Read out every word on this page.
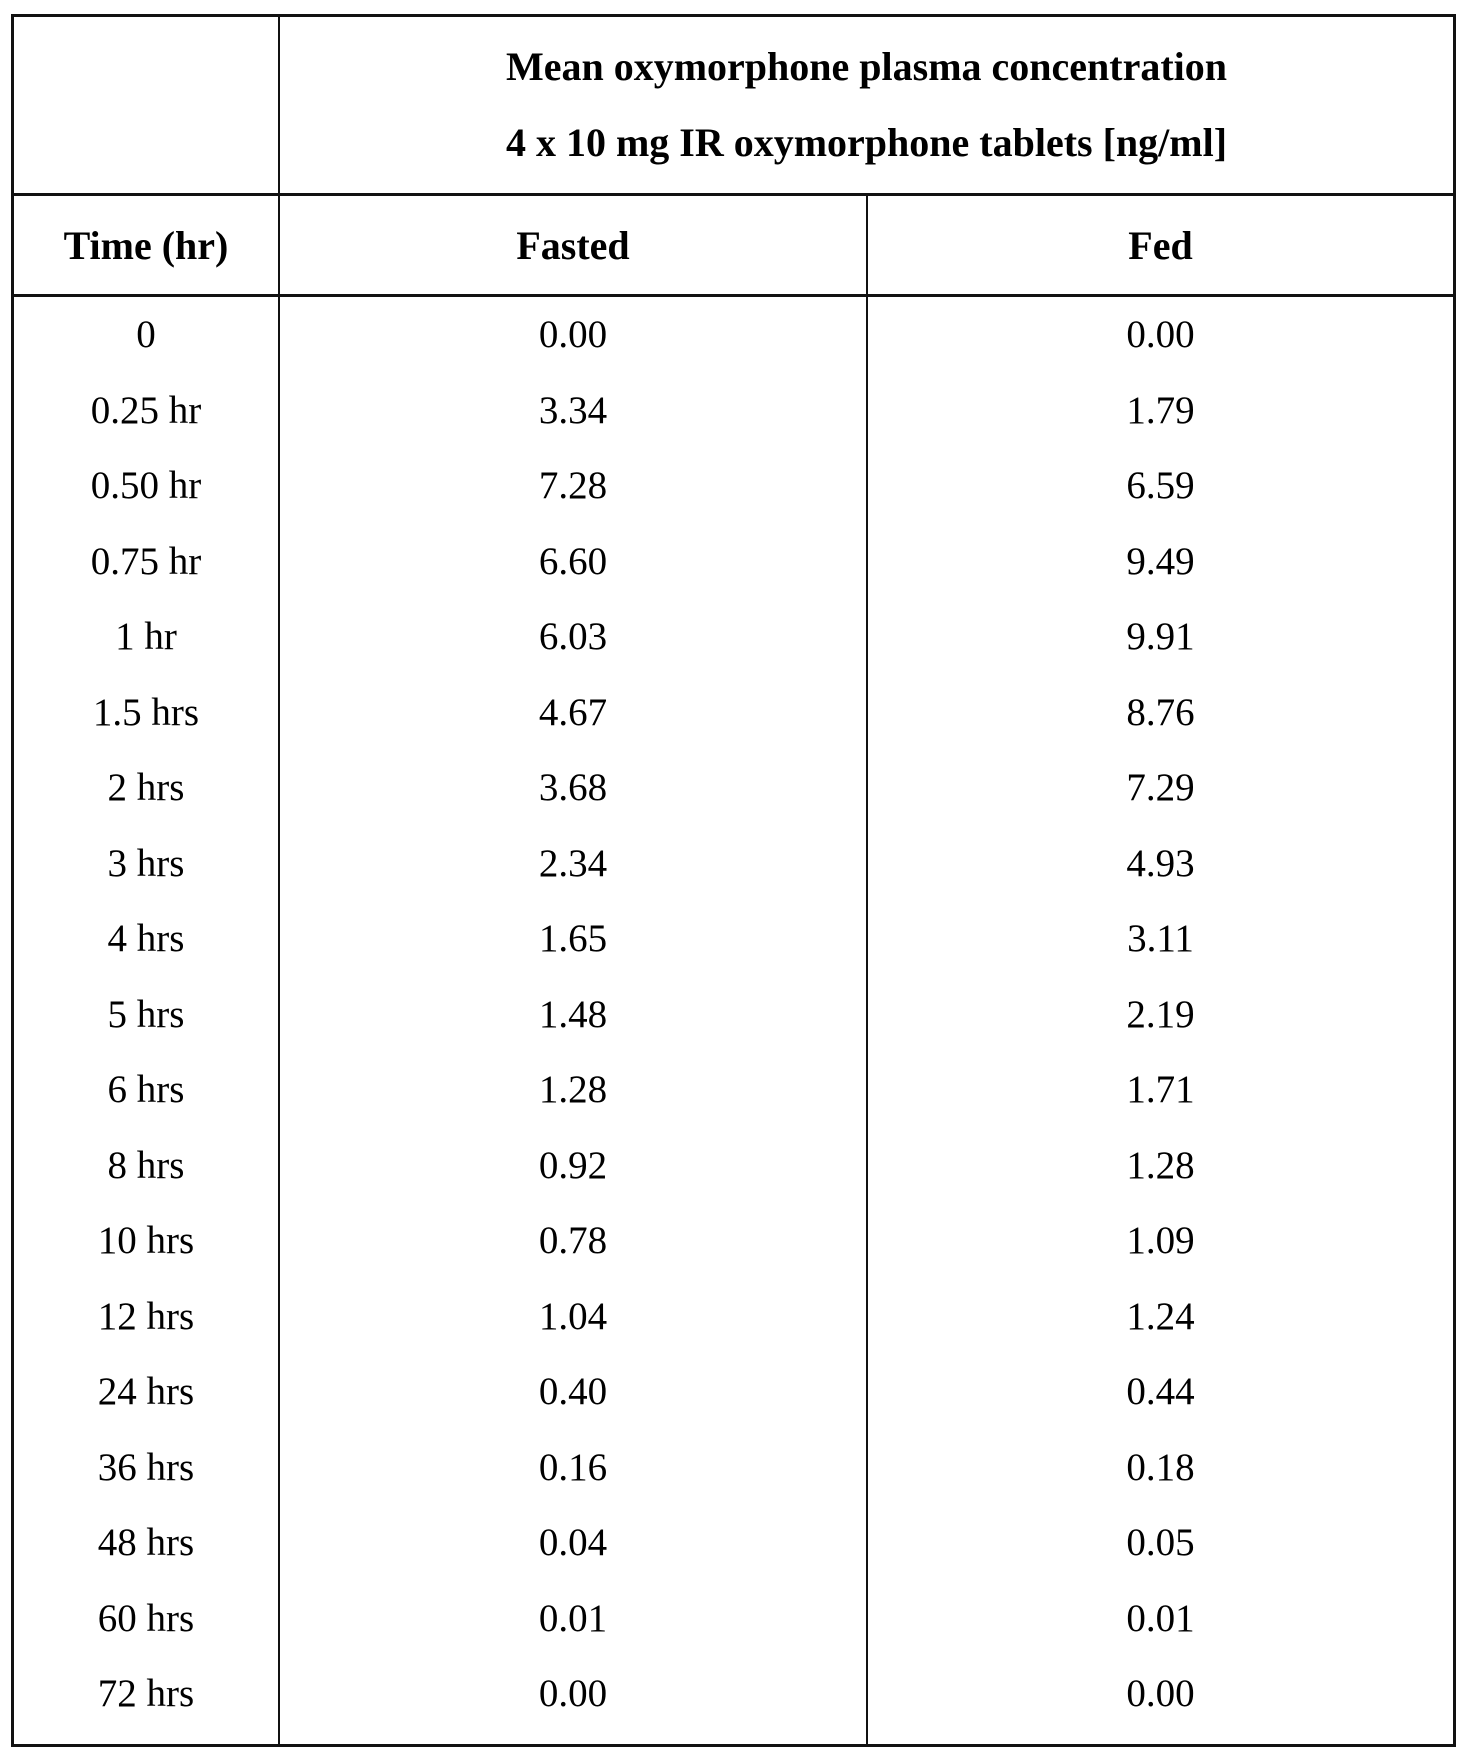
Mean oxymorphone plasma concentration
4 x 10 mg IR oxymorphone tablets [ng/ml]
Time (hr)	Fasted	Fed
0	0.00	0.00
0.25 hr	3.34	1.79
0.50 hr	7.28	6.59
0.75 hr	6.60	9.49
1 hr	6.03	9.91
1.5 hrs	4.67	8.76
2 hrs	3.68	7.29
3 hrs	2.34	4.93
4 hrs	1.65	3.11
5 hrs	1.48	2.19
6 hrs	1.28	1.71
8 hrs	0.92	1.28
10 hrs	0.78	1.09
12 hrs	1.04	1.24
24 hrs	0.40	0.44
36 hrs	0.16	0.18
48 hrs	0.04	0.05
60 hrs	0.01	0.01
72 hrs	0.00	0.00
